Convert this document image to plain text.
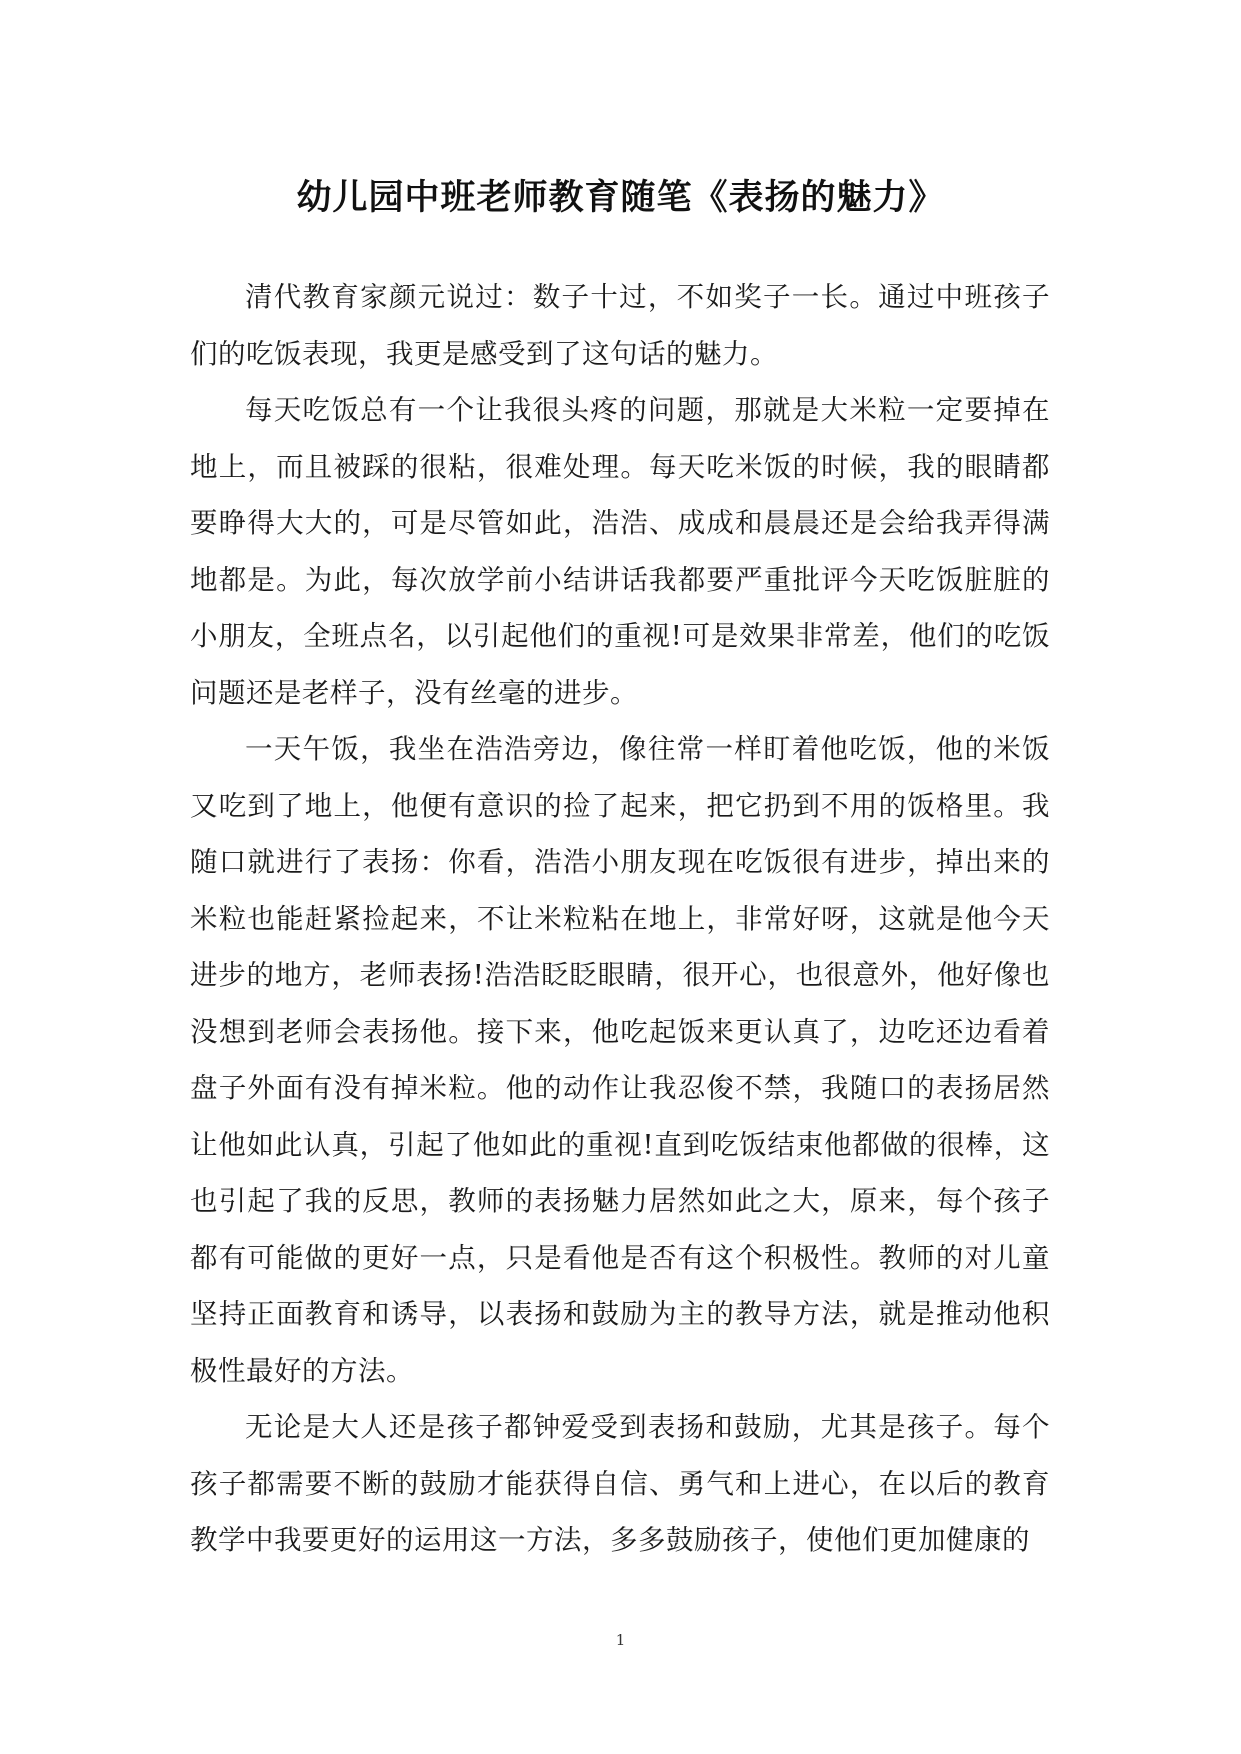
幼儿园中班老师教育随笔《表扬的魅力》

清代教育家颜元说过：数子十过，不如奖子一长。通过中班孩子们的吃饭表现，我更是感受到了这句话的魅力。

每天吃饭总有一个让我很头疼的问题，那就是大米粒一定要掉在地上，而且被踩的很粘，很难处理。每天吃米饭的时候，我的眼睛都要睁得大大的，可是尽管如此，浩浩、成成和晨晨还是会给我弄得满地都是。为此，每次放学前小结讲话我都要严重批评今天吃饭脏脏的小朋友，全班点名，以引起他们的重视!可是效果非常差，他们的吃饭问题还是老样子，没有丝毫的进步。

一天午饭，我坐在浩浩旁边，像往常一样盯着他吃饭，他的米饭又吃到了地上，他便有意识的捡了起来，把它扔到不用的饭格里。我随口就进行了表扬：你看，浩浩小朋友现在吃饭很有进步，掉出来的米粒也能赶紧捡起来，不让米粒粘在地上，非常好呀，这就是他今天进步的地方，老师表扬!浩浩眨眨眼睛，很开心，也很意外，他好像也没想到老师会表扬他。接下来，他吃起饭来更认真了，边吃还边看着盘子外面有没有掉米粒。他的动作让我忍俊不禁，我随口的表扬居然让他如此认真，引起了他如此的重视!直到吃饭结束他都做的很棒，这也引起了我的反思，教师的表扬魅力居然如此之大，原来，每个孩子都有可能做的更好一点，只是看他是否有这个积极性。教师的对儿童坚持正面教育和诱导，以表扬和鼓励为主的教导方法，就是推动他积极性最好的方法。

无论是大人还是孩子都钟爱受到表扬和鼓励，尤其是孩子。每个孩子都需要不断的鼓励才能获得自信、勇气和上进心，在以后的教育教学中我要更好的运用这一方法，多多鼓励孩子，使他们更加健康的

1
